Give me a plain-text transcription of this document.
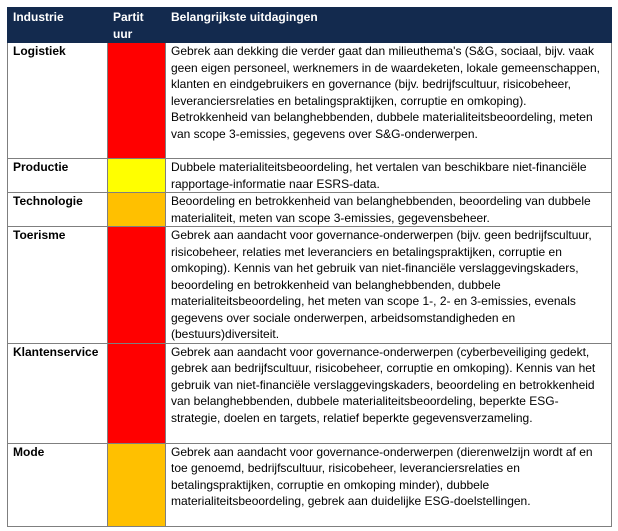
Industrie	Partit uur	Belangrijkste uitdagingen
Logistiek		Gebrek aan dekking die verder gaat dan milieuthema's (S&G, sociaal, bijv. vaak geen eigen personeel, werknemers in de waardeketen, lokale gemeenschappen, klanten en eindgebruikers en governance (bijv. bedrijfscultuur, risicobeheer, leveranciersrelaties en betalingspraktijken, corruptie en omkoping). Betrokkenheid van belanghebbenden, dubbele materialiteitsbeoordeling, meten van scope 3-emissies, gegevens over S&G-onderwerpen.
Productie		Dubbele materialiteitsbeoordeling, het vertalen van beschikbare niet-financiële rapportage-informatie naar ESRS-data.
Technologie		Beoordeling en betrokkenheid van belanghebbenden, beoordeling van dubbele materialiteit, meten van scope 3-emissies, gegevensbeheer.
Toerisme		Gebrek aan aandacht voor governance-onderwerpen (bijv. geen bedrijfscultuur, risicobeheer, relaties met leveranciers en betalingspraktijken, corruptie en omkoping). Kennis van het gebruik van niet-financiële verslaggevingskaders, beoordeling en betrokkenheid van belanghebbenden, dubbele materialiteitsbeoordeling, het meten van scope 1-, 2- en 3-emissies, evenals gegevens over sociale onderwerpen, arbeidsomstandigheden en (bestuurs)diversiteit.
Klantenservice		Gebrek aan aandacht voor governance-onderwerpen (cyberbeveiliging gedekt, gebrek aan bedrijfscultuur, risicobeheer, corruptie en omkoping). Kennis van het gebruik van niet-financiële verslaggevingskaders, beoordeling en betrokkenheid van belanghebbenden, dubbele materialiteitsbeoordeling, beperkte ESG-strategie, doelen en targets, relatief beperkte gegevensverzameling.
Mode		Gebrek aan aandacht voor governance-onderwerpen (dierenwelzijn wordt af en toe genoemd, bedrijfscultuur, risicobeheer, leveranciersrelaties en betalingspraktijken, corruptie en omkoping minder), dubbele materialiteitsbeoordeling, gebrek aan duidelijke ESG-doelstellingen.
